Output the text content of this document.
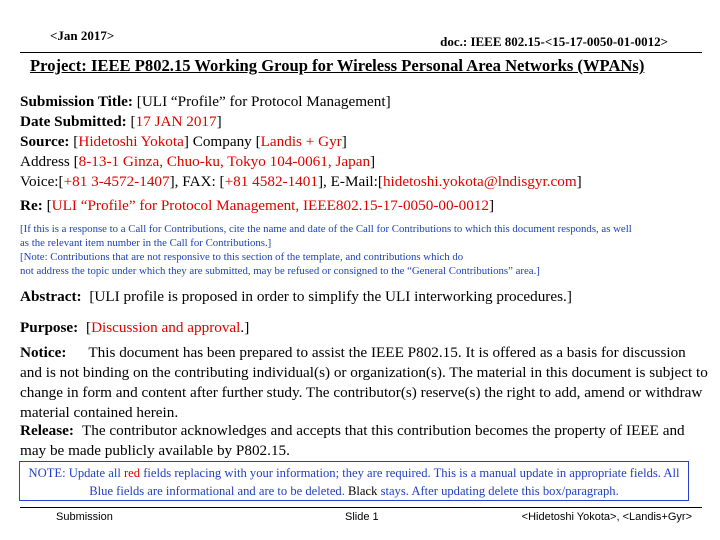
<Jan 2017>	doc.: IEEE 802.15-<15-17-0050-01-0012>
Project: IEEE P802.15 Working Group for Wireless Personal Area Networks (WPANs)
Submission Title: [ULI “Profile” for Protocol Management]
Date Submitted: [17 JAN 2017]
Source: [Hidetoshi Yokota] Company [Landis + Gyr]
Address [8-13-1 Ginza, Chuo-ku, Tokyo 104-0061, Japan]
Voice:[+81 3-4572-1407], FAX: [+81 4582-1401], E-Mail:[hidetoshi.yokota@lndisgyr.com]
Re: [ULI “Profile” for Protocol Management, IEEE802.15-17-0050-00-0012]
[If this is a response to a Call for Contributions, cite the name and date of the Call for Contributions to which this document responds, as well
as the relevant item number in the Call for Contributions.]
[Note: Contributions that are not responsive to this section of the template, and contributions which do
not address the topic under which they are submitted, may be refused or consigned to the “General Contributions” area.]
Abstract: [ULI profile is proposed in order to simplify the ULI interworking procedures.]
Purpose: [Discussion and approval.]
Notice: This document has been prepared to assist the IEEE P802.15. It is offered as a basis for discussion and is not binding on the contributing individual(s) or organization(s). The material in this document is subject to change in form and content after further study. The contributor(s) reserve(s) the right to add, amend or withdraw material contained herein.
Release: The contributor acknowledges and accepts that this contribution becomes the property of IEEE and may be made publicly available by P802.15.
NOTE: Update all red fields replacing with your information; they are required. This is a manual update in appropriate fields. All Blue fields are informational and are to be deleted. Black stays. After updating delete this box/paragraph.
Submission	Slide 1	<Hidetoshi Yokota>, <Landis+Gyr>
